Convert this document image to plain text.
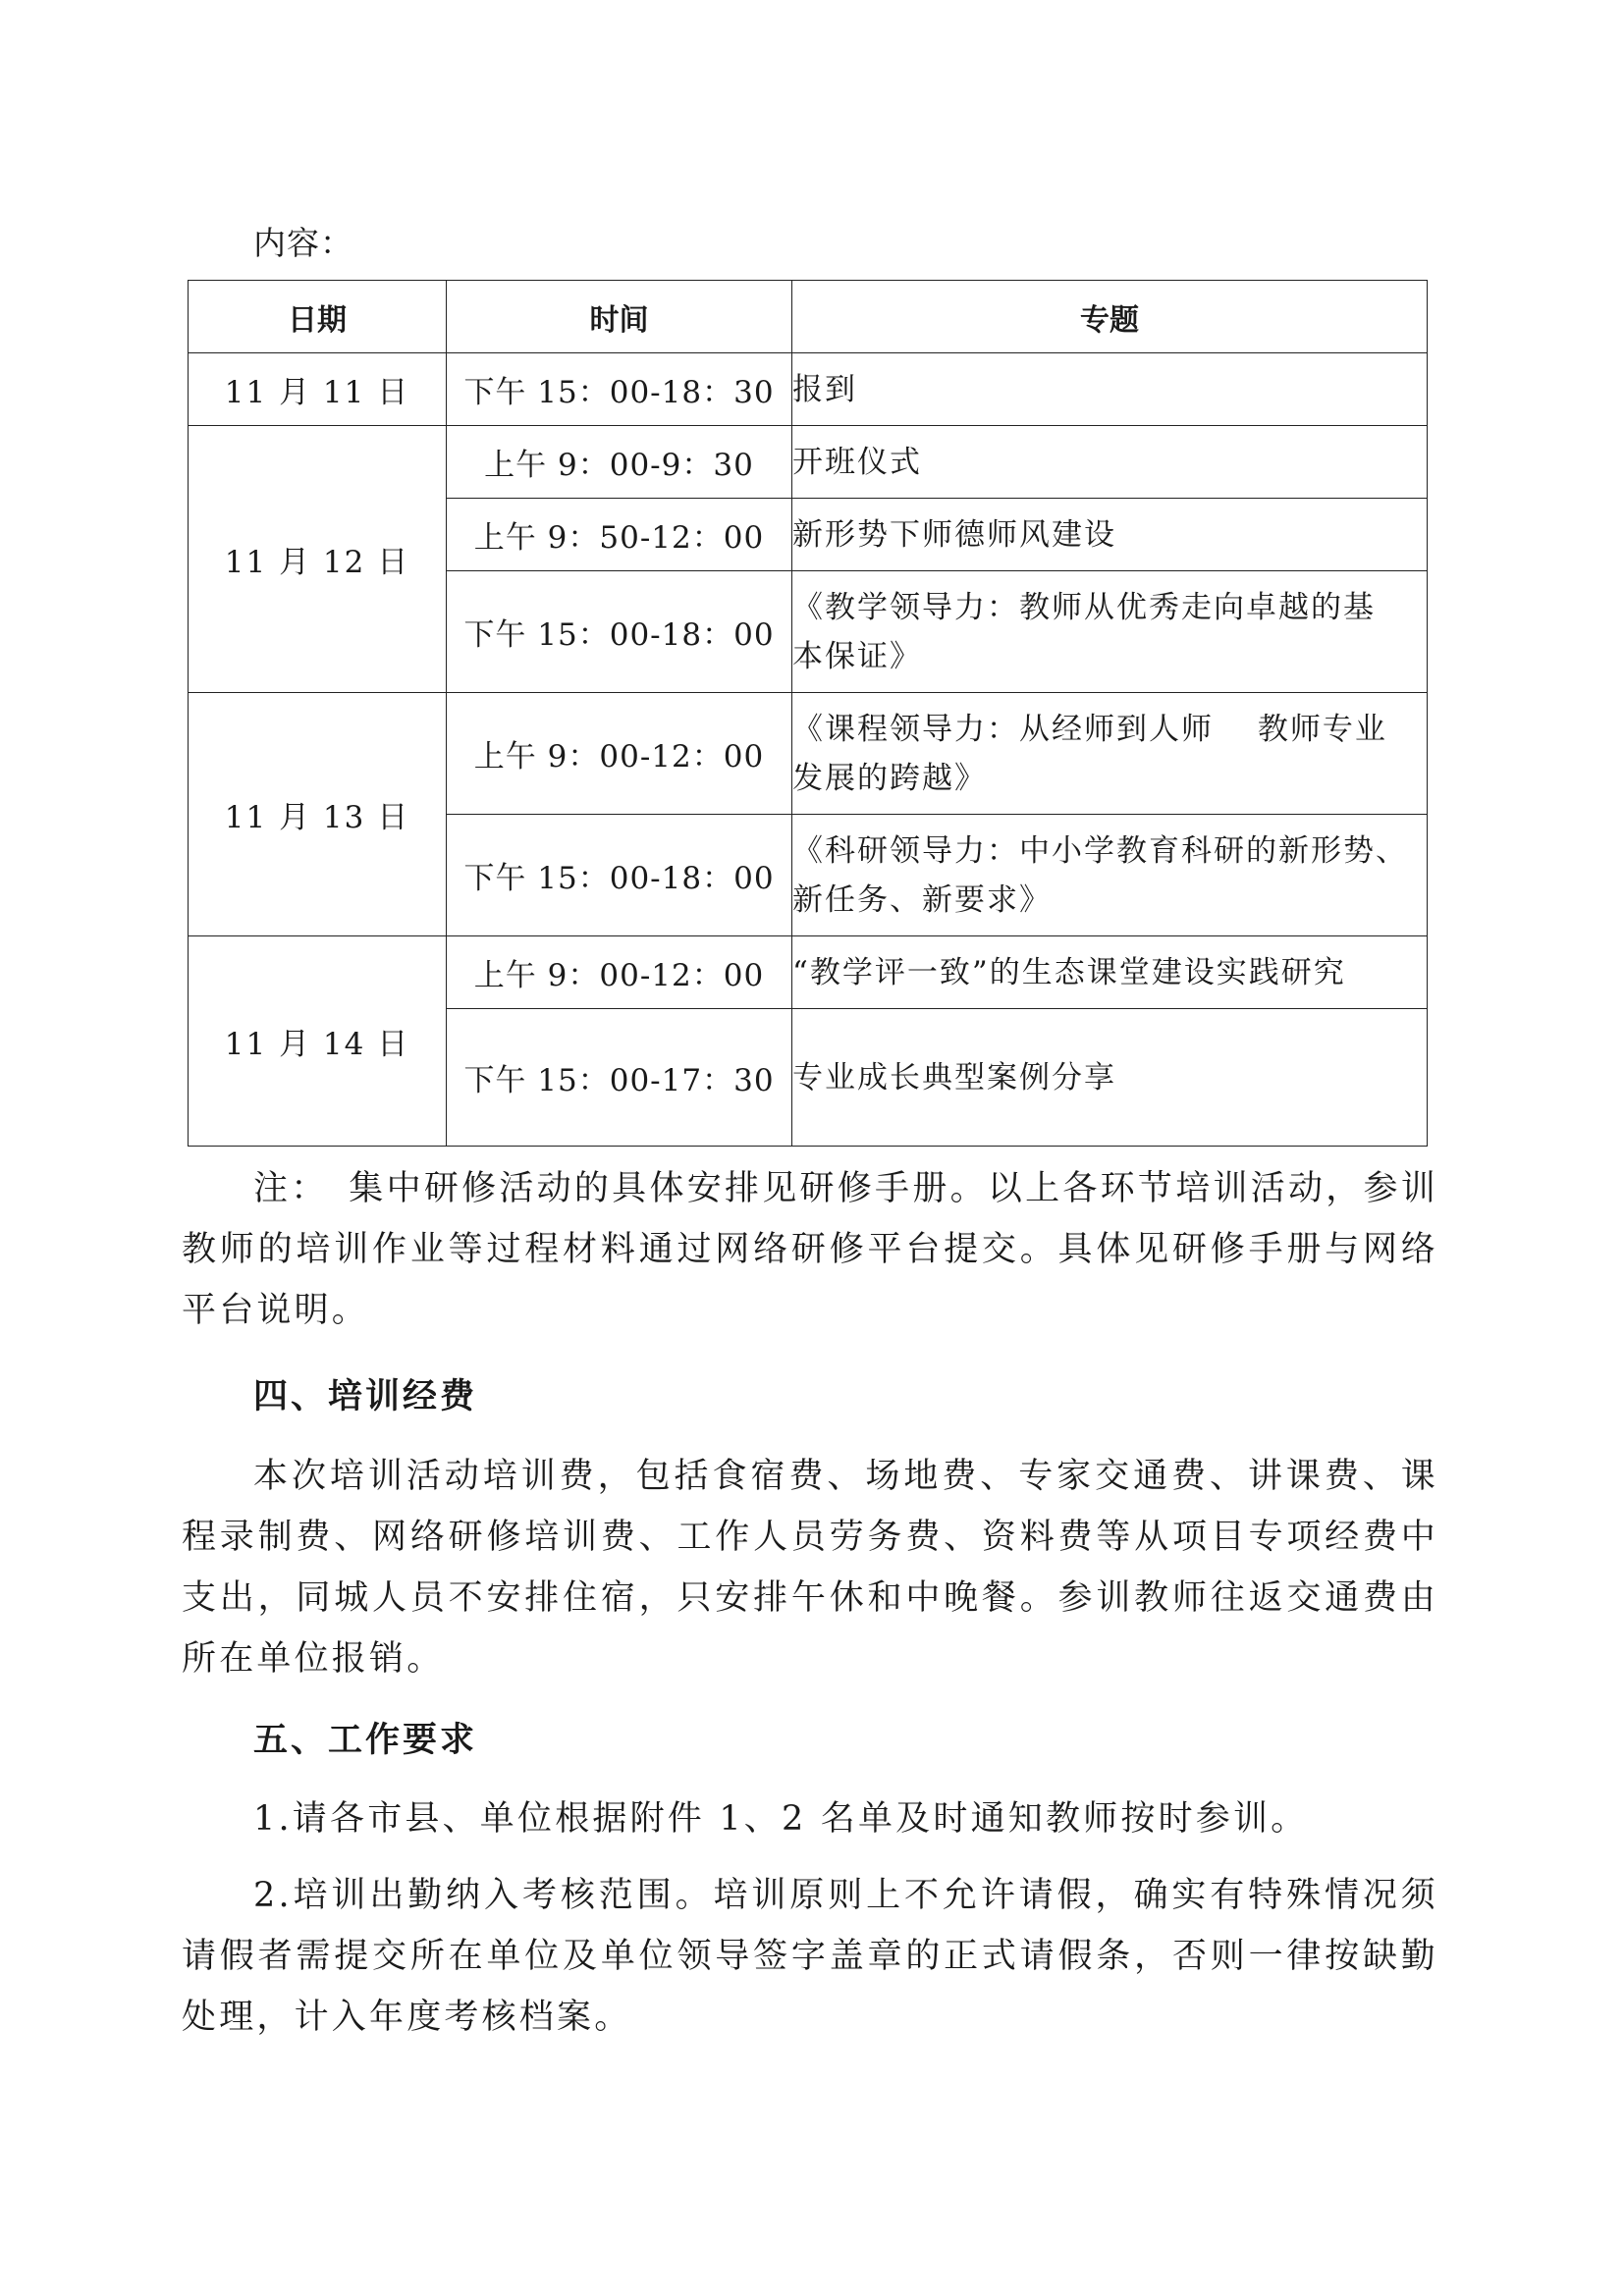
内容：
日期	时间	专题
11 月 11 日	下午 15：00-18：30	报到
11 月 12 日	上午 9：00-9：30	开班仪式
	上午 9：50-12：00	新形势下师德师风建设
	下午 15：00-18：00	《教学领导力：教师从优秀走向卓越的基
本保证》
11 月 13 日	上午 9：00-12：00	《课程领导力：从经师到人师　 教师专业
发展的跨越》
	下午 15：00-18：00	《科研领导力：中小学教育科研的新形势、
新任务、新要求》
11 月 14 日	上午 9：00-12：00	“教学评一致”的生态课堂建设实践研究
	下午 15：00-17：30	专业成长典型案例分享
注：　集中研修活动的具体安排见研修手册。以上各环节培训活动，参训教师的培训作业等过程材料通过网络研修平台提交。具体见研修手册与网络平台说明。
四、培训经费
本次培训活动培训费，包括食宿费、场地费、专家交通费、讲课费、课程录制费、网络研修培训费、工作人员劳务费、资料费等从项目专项经费中支出，同城人员不安排住宿，只安排午休和中晚餐。参训教师往返交通费由所在单位报销。
五、工作要求
1.请各市县、单位根据附件 1、2 名单及时通知教师按时参训。
2.培训出勤纳入考核范围。培训原则上不允许请假，确实有特殊情况须请假者需提交所在单位及单位领导签字盖章的正式请假条，否则一律按缺勤处理，计入年度考核档案。
